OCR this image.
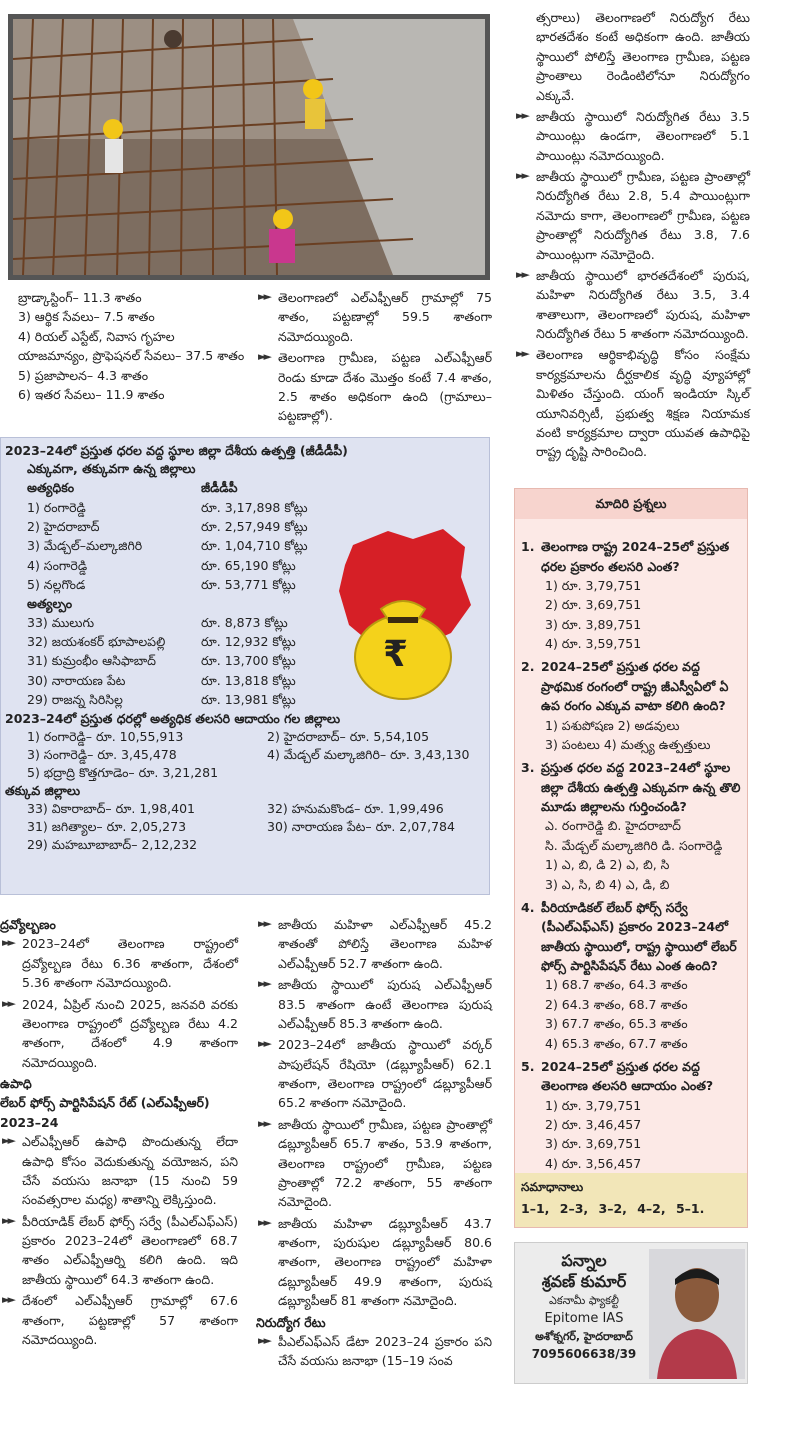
బ్రాడ్కాస్టింగ్– 11.3 శాతం
3) ఆర్థిక సేవలు– 7.5 శాతం
4) రియల్ ఎస్టేట్, నివాస గృహల యాజమాన్యం, ప్రొఫెషనల్ సేవలు– 37.5 శాతం
5) ప్రజాపాలన– 4.3 శాతం
6) ఇతర సేవలు– 11.9 శాతం
►► తెలంగాణలో ఎల్ఎఫ్పీఆర్ గ్రామాల్లో 75 శాతం, పట్టణాల్లో 59.5 శాతంగా నమోదయ్యింది.
►► తెలంగాణ గ్రామీణ, పట్టణ ఎల్ఎఫ్పీఆర్ రెండు కూడా దేశం మొత్తం కంటే 7.4 శాతం, 2.5 శాతం అధికంగా ఉంది (గ్రామాలు–పట్టణాల్లో).
త్సరాలు) తెలంగాణలో నిరుద్యోగ రేటు భారతదేశం కంటే అధికంగా ఉంది. జాతీయ స్థాయిలో పోలిస్తే తెలంగాణ గ్రామీణ, పట్టణ ప్రాంతాలు రెండింటిలోనూ నిరుద్యోగం ఎక్కువే.
►► జాతీయ స్థాయిలో నిరుద్యోగిత రేటు 3.5 పాయింట్లు ఉండగా, తెలంగాణలో 5.1 పాయింట్లు నమోదయ్యింది.
►► జాతీయ స్థాయిలో గ్రామీణ, పట్టణ ప్రాంతాల్లో నిరుద్యోగిత రేటు 2.8, 5.4 పాయింట్లుగా నమోదు కాగా, తెలంగాణలో గ్రామీణ, పట్టణ ప్రాంతాల్లో నిరుద్యోగిత రేటు 3.8, 7.6 పాయింట్లుగా నమోదైంది.
►► జాతీయ స్థాయిలో భారతదేశంలో పురుష, మహిళా నిరుద్యోగిత రేటు 3.5, 3.4 శాతాలుగా, తెలంగాణలో పురుష, మహిళా నిరుద్యోగిత రేటు 5 శాతంగా నమోదయ్యింది.
►► తెలంగాణ ఆర్థికాభివృద్ధి కోసం సంక్షేమ కార్యక్రమాలను దీర్ఘకాలిక వృద్ధి వ్యూహాల్లో మిళితం చేస్తుంది. యంగ్ ఇండియా స్కిల్ యూనివర్సిటీ, ప్రభుత్వ శిక్షణ నియామక వంటి కార్యక్రమాల ద్వారా యువత ఉపాధిపై రాష్ట్ర దృష్టి సారించింది.
2023–24లో ప్రస్తుత ధరల వద్ద స్థూల జిల్లా దేశీయ ఉత్పత్తి (జీడీడీపీ)
ఎక్కువగా, తక్కువగా ఉన్న జిల్లాలు
అత్యధికం	జీడీడీపీ
1) రంగారెడ్డి	రూ. 3,17,898 కోట్లు
2) హైదరాబాద్	రూ. 2,57,949 కోట్లు
3) మేడ్చల్–మల్కాజిగిరి	రూ. 1,04,710 కోట్లు
4) సంగారెడ్డి	రూ. 65,190 కోట్లు
5) నల్లగొండ	రూ. 53,771 కోట్లు
అత్యల్పం
33) ములుగు	రూ. 8,873 కోట్లు
32) జయశంకర్ భూపాలపల్లి	రూ. 12,932 కోట్లు
31) కుమ్రంభీం ఆసిఫాబాద్	రూ. 13,700 కోట్లు
30) నారాయణ పేట	రూ. 13,818 కోట్లు
29) రాజన్న సిరిసిల్ల	రూ. 13,981 కోట్లు
2023–24లో ప్రస్తుత ధరల్లో అత్యధిక తలసరి ఆదాయం గల జిల్లాలు
1) రంగారెడ్డి– రూ. 10,55,913	2) హైదరాబాద్– రూ. 5,54,105
3) సంగారెడ్డి– రూ. 3,45,478	4) మేడ్చల్ మల్కాజిగిరి– రూ. 3,43,130
5) భద్రాద్రి కొత్తగూడెం– రూ. 3,21,281
తక్కువ జిల్లాలు
33) వికారాబాద్– రూ. 1,98,401	32) హనుమకొండ– రూ. 1,99,496
31) జగిత్యాల– రూ. 2,05,273	30) నారాయణ పేట– రూ. 2,07,784
29) మహబూబాబాద్– 2,12,232
₹
ద్రవ్యోల్బణం
►► 2023–24లో తెలంగాణ రాష్ట్రంలో ద్రవ్యోల్బణ రేటు 6.36 శాతంగా, దేశంలో 5.36 శాతంగా నమోదయ్యింది.
►► 2024, ఏప్రిల్ నుంచి 2025, జనవరి వరకు తెలంగాణ రాష్ట్రంలో ద్రవ్యోల్బణ రేటు 4.2 శాతంగా, దేశంలో 4.9 శాతంగా నమోదయ్యింది.
ఉపాధి
లేబర్ ఫోర్స్ పార్టిసిపేషన్ రేట్ (ఎల్ఎఫ్పీఆర్) 2023–24
►► ఎల్ఎఫ్పీఆర్ ఉపాధి పొందుతున్న లేదా ఉపాధి కోసం వెదుకుతున్న వయోజన, పని చేసే వయసు జనాభా (15 నుంచి 59 సంవత్సరాల మధ్య) శాతాన్ని లెక్కిస్తుంది.
►► పీరియాడిక్ లేబర్ ఫోర్స్ సర్వే (పీఎల్ఎఫ్ఎస్) ప్రకారం 2023–24లో తెలంగాణలో 68.7 శాతం ఎల్ఎఫ్పీఆర్ని కలిగి ఉంది. ఇది జాతీయ స్థాయిలో 64.3 శాతంగా ఉంది.
►► దేశంలో ఎల్ఎఫ్పీఆర్ గ్రామాల్లో 67.6 శాతంగా, పట్టణాల్లో 57 శాతంగా నమోదయ్యింది.
►► జాతీయ మహిళా ఎల్ఎఫ్పీఆర్ 45.2 శాతంతో పోలిస్తే తెలంగాణ మహిళ ఎల్ఎఫ్పీఆర్ 52.7 శాతంగా ఉంది.
►► జాతీయ స్థాయిలో పురుష ఎల్ఎఫ్పీఆర్ 83.5 శాతంగా ఉంటే తెలంగాణ పురుష ఎల్ఎఫ్పీఆర్ 85.3 శాతంగా ఉంది.
►► 2023–24లో జాతీయ స్థాయిలో వర్కర్ పాపులేషన్ రేషియో (డబ్ల్యూపీఆర్) 62.1 శాతంగా, తెలంగాణ రాష్ట్రంలో డబ్ల్యూపీఆర్ 65.2 శాతంగా నమోదైంది.
►► జాతీయ స్థాయిలో గ్రామీణ, పట్టణ ప్రాంతాల్లో డబ్ల్యూపీఆర్ 65.7 శాతం, 53.9 శాతంగా, తెలంగాణ రాష్ట్రంలో గ్రామీణ, పట్టణ ప్రాంతాల్లో 72.2 శాతంగా, 55 శాతంగా నమోదైంది.
►► జాతీయ మహిళా డబ్ల్యూపీఆర్ 43.7 శాతంగా, పురుషుల డబ్ల్యూపీఆర్ 80.6 శాతంగా, తెలంగాణ రాష్ట్రంలో మహిళా డబ్ల్యూపీఆర్ 49.9 శాతంగా, పురుష డబ్ల్యూపీఆర్ 81 శాతంగా నమోదైంది.
నిరుద్యోగ రేటు
►► పీఎల్ఎఫ్ఎస్ డేటా 2023–24 ప్రకారం పని చేసే వయసు జనాభా (15–19 సంవ
మాదిరి ప్రశ్నలు
1. తెలంగాణ రాష్ట్ర 2024–25లో ప్రస్తుత ధరల ప్రకారం తలసరి ఎంత?
1) రూ. 3,79,751
2) రూ. 3,69,751
3) రూ. 3,89,751
4) రూ. 3,59,751
2. 2024–25లో ప్రస్తుత ధరల వద్ద ప్రాథమిక రంగంలో రాష్ట్ర జీఎస్వీఏలో ఏ ఉప రంగం ఎక్కువ వాటా కలిగి ఉంది?
1) పశుపోషణ 2) అడవులు
3) పంటలు 4) మత్స్య ఉత్పత్తులు
3. ప్రస్తుత ధరల వద్ద 2023–24లో స్థూల జిల్లా దేశీయ ఉత్పత్తి ఎక్కువగా ఉన్న తొలి మూడు జిల్లాలను గుర్తించండి?
ఎ. రంగారెడ్డి బి. హైదరాబాద్
సి. మేడ్చల్ మల్కాజిగిరి డి. సంగారెడ్డి
1) ఎ, బి, డి 2) ఎ, బి, సి
3) ఎ, సి, బి 4) ఎ, డి, బి
4. పీరియాడికల్ లేబర్ ఫోర్స్ సర్వే (పీఎల్ఎఫ్ఎస్) ప్రకారం 2023–24లో జాతీయ స్థాయిలో, రాష్ట్ర స్థాయిలో లేబర్ ఫోర్స్ పార్టిసిపేషన్ రేటు ఎంత ఉంది?
1) 68.7 శాతం, 64.3 శాతం
2) 64.3 శాతం, 68.7 శాతం
3) 67.7 శాతం, 65.3 శాతం
4) 65.3 శాతం, 67.7 శాతం
5. 2024–25లో ప్రస్తుత ధరల వద్ద తెలంగాణ తలసరి ఆదాయం ఎంత?
1) రూ. 3,79,751
2) రూ. 3,46,457
3) రూ. 3,69,751
4) రూ. 3,56,457
సమాధానాలు
1–1, 2–3, 3–2, 4–2, 5–1.
పన్నాల
శ్రవణ్ కుమార్
ఎకనామీ ఫ్యాకల్టీ
Epitome IAS
అశోక్నగర్, హైదరాబాద్
7095606638/39
